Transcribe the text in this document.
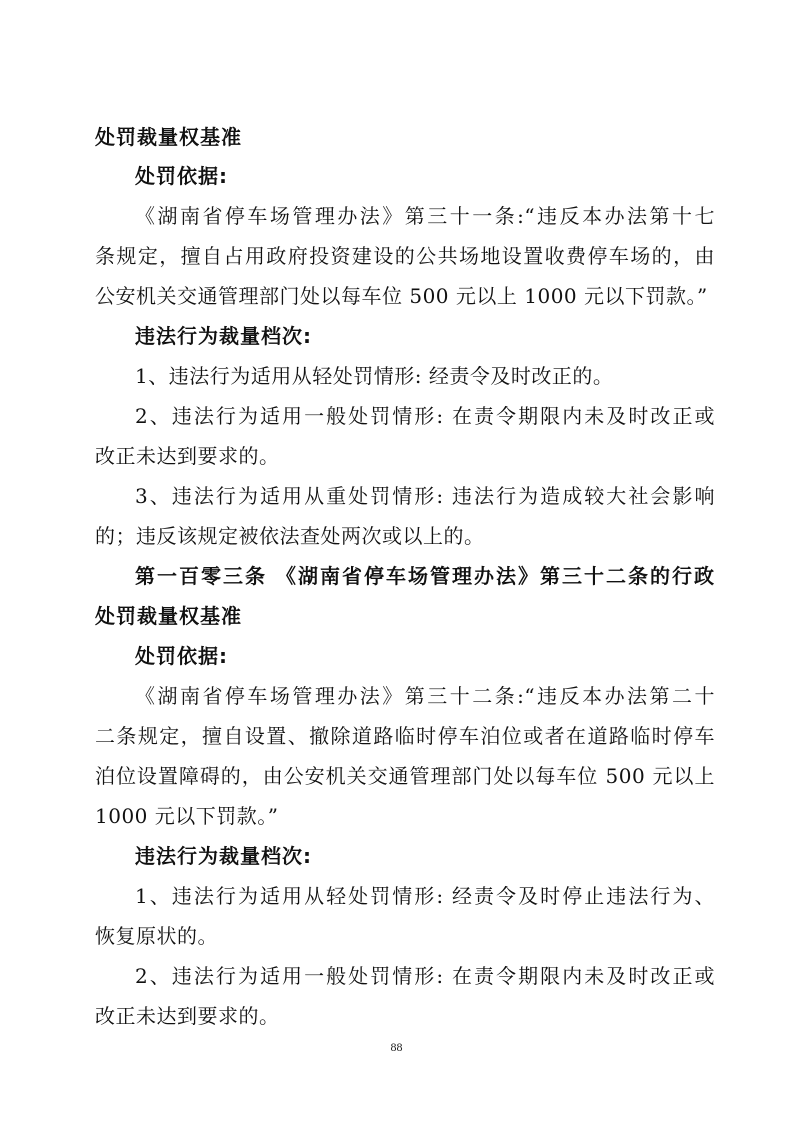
处罚裁量权基准
处罚依据:
《湖南省停车场管理办法》第三十一条:“违反本办法第十七
条规定，擅自占用政府投资建设的公共场地设置收费停车场的，由
公安机关交通管理部门处以每车位 500 元以上 1000 元以下罚款。”
违法行为裁量档次:
1、违法行为适用从轻处罚情形: 经责令及时改正的。
2、违法行为适用一般处罚情形: 在责令期限内未及时改正或
改正未达到要求的。
3、违法行为适用从重处罚情形: 违法行为造成较大社会影响
的；违反该规定被依法查处两次或以上的。
第一百零三条 《湖南省停车场管理办法》第三十二条的行政
处罚裁量权基准
处罚依据:
《湖南省停车场管理办法》第三十二条:“违反本办法第二十
二条规定，擅自设置、撤除道路临时停车泊位或者在道路临时停车
泊位设置障碍的，由公安机关交通管理部门处以每车位 500 元以上
1000 元以下罚款。”
违法行为裁量档次:
1、违法行为适用从轻处罚情形: 经责令及时停止违法行为、
恢复原状的。
2、违法行为适用一般处罚情形: 在责令期限内未及时改正或
改正未达到要求的。
88
